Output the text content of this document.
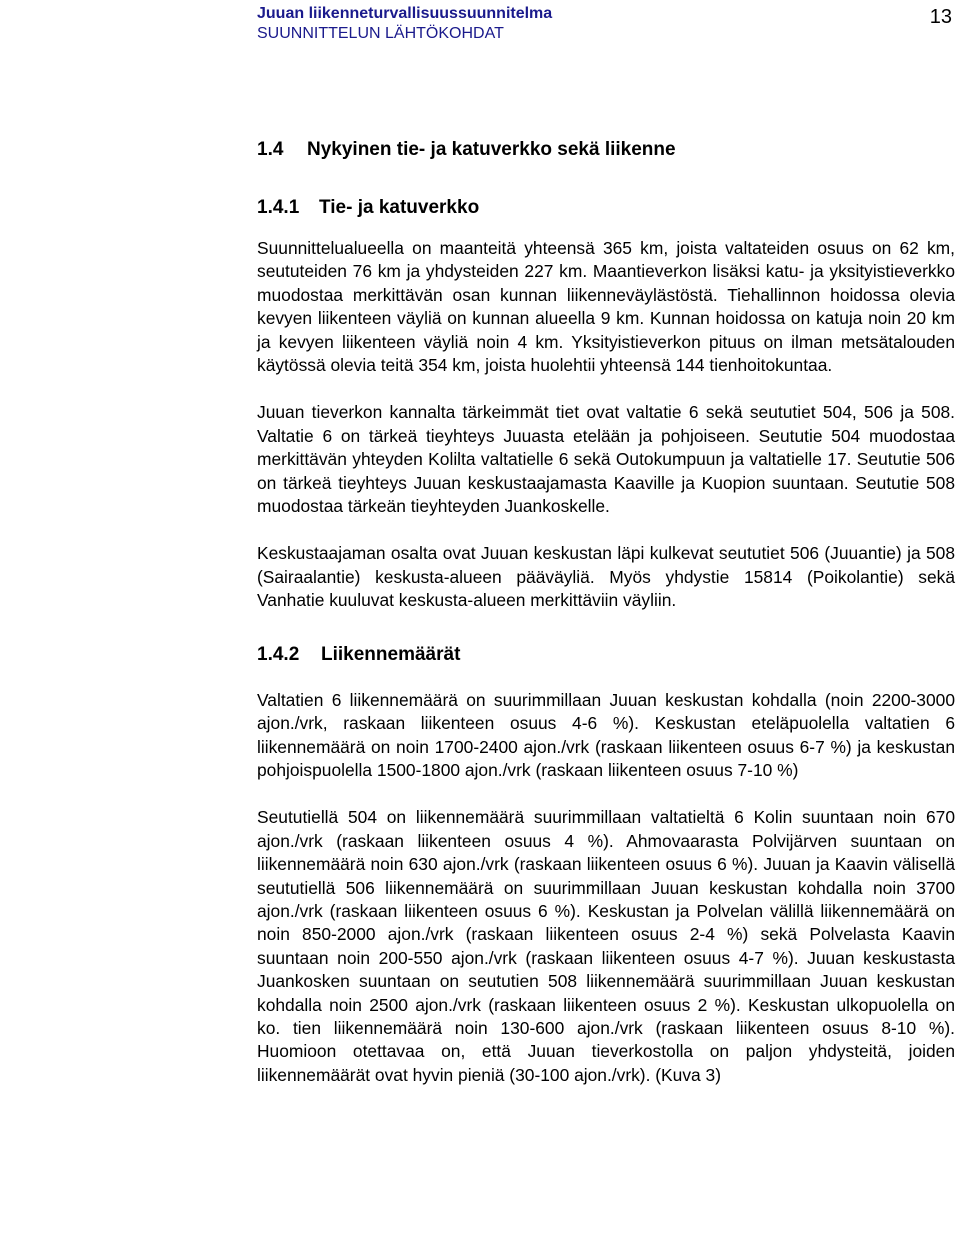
Juuan liikenneturvallisuussuunnitelma
SUUNNITTELUN LÄHTÖKOHDAT
13
1.4 Nykyinen tie- ja katuverkko sekä liikenne
1.4.1 Tie- ja katuverkko

Suunnittelualueella on maanteitä yhteensä 365 km, joista valtateiden osuus on 62 km, seututeiden 76 km ja yhdysteiden 227 km. Maantieverkon lisäksi katu- ja yksityistieverkko muodostaa merkittävän osan kunnan liikenneväylästöstä. Tiehallinnon hoidossa olevia kevyen liikenteen väyliä on kunnan alueella 9 km. Kunnan hoidossa on katuja noin 20 km ja kevyen liikenteen väyliä noin 4 km. Yksityistieverkon pituus on ilman metsätalouden käytössä olevia teitä 354 km, joista huolehtii yhteensä 144 tienhoitokuntaa.

Juuan tieverkon kannalta tärkeimmät tiet ovat valtatie 6 sekä seututiet 504, 506 ja 508. Valtatie 6 on tärkeä tieyhteys Juuasta etelään ja pohjoiseen. Seututie 504 muodostaa merkittävän yhteyden Kolilta valtatielle 6 sekä Outokumpuun ja valtatielle 17. Seututie 506 on tärkeä tieyhteys Juuan keskustaajamasta Kaaville ja Kuopion suuntaan. Seututie 508 muodostaa tärkeän tieyhteyden Juankoskelle.

Keskustaajaman osalta ovat Juuan keskustan läpi kulkevat seututiet 506 (Juuantie) ja 508 (Sairaalantie) keskusta-alueen pääväyliä. Myös yhdystie 15814 (Poikolantie) sekä Vanhatie kuuluvat keskusta-alueen merkittäviin väyliin.

1.4.2 Liikennemäärät

Valtatien 6 liikennemäärä on suurimmillaan Juuan keskustan kohdalla (noin 2200-3000 ajon./vrk, raskaan liikenteen osuus 4-6 %). Keskustan eteläpuolella valtatien 6 liikennemäärä on noin 1700-2400 ajon./vrk (raskaan liikenteen osuus 6-7 %) ja keskustan pohjoispuolella 1500-1800 ajon./vrk (raskaan liikenteen osuus 7-10 %)

Seututiellä 504 on liikennemäärä suurimmillaan valtatieltä 6 Kolin suuntaan noin 670 ajon./vrk (raskaan liikenteen osuus 4 %). Ahmovaarasta Polvijärven suuntaan on liikennemäärä noin 630 ajon./vrk (raskaan liikenteen osuus 6 %). Juuan ja Kaavin välisellä seututiellä 506 liikennemäärä on suurimmillaan Juuan keskustan kohdalla noin 3700 ajon./vrk (raskaan liikenteen osuus 6 %). Keskustan ja Polvelan välillä liikennemäärä on noin 850-2000 ajon./vrk (raskaan liikenteen osuus 2-4 %) sekä Polvelasta Kaavin suuntaan noin 200-550 ajon./vrk (raskaan liikenteen osuus 4-7 %). Juuan keskustasta Juankosken suuntaan on seututien 508 liikennemäärä suurimmillaan Juuan keskustan kohdalla noin 2500 ajon./vrk (raskaan liikenteen osuus 2 %). Keskustan ulkopuolella on ko. tien liikennemäärä noin 130-600 ajon./vrk (raskaan liikenteen osuus 8-10 %). Huomioon otettavaa on, että Juuan tieverkostolla on paljon yhdysteitä, joiden liikennemäärät ovat hyvin pieniä (30-100 ajon./vrk). (Kuva 3)
